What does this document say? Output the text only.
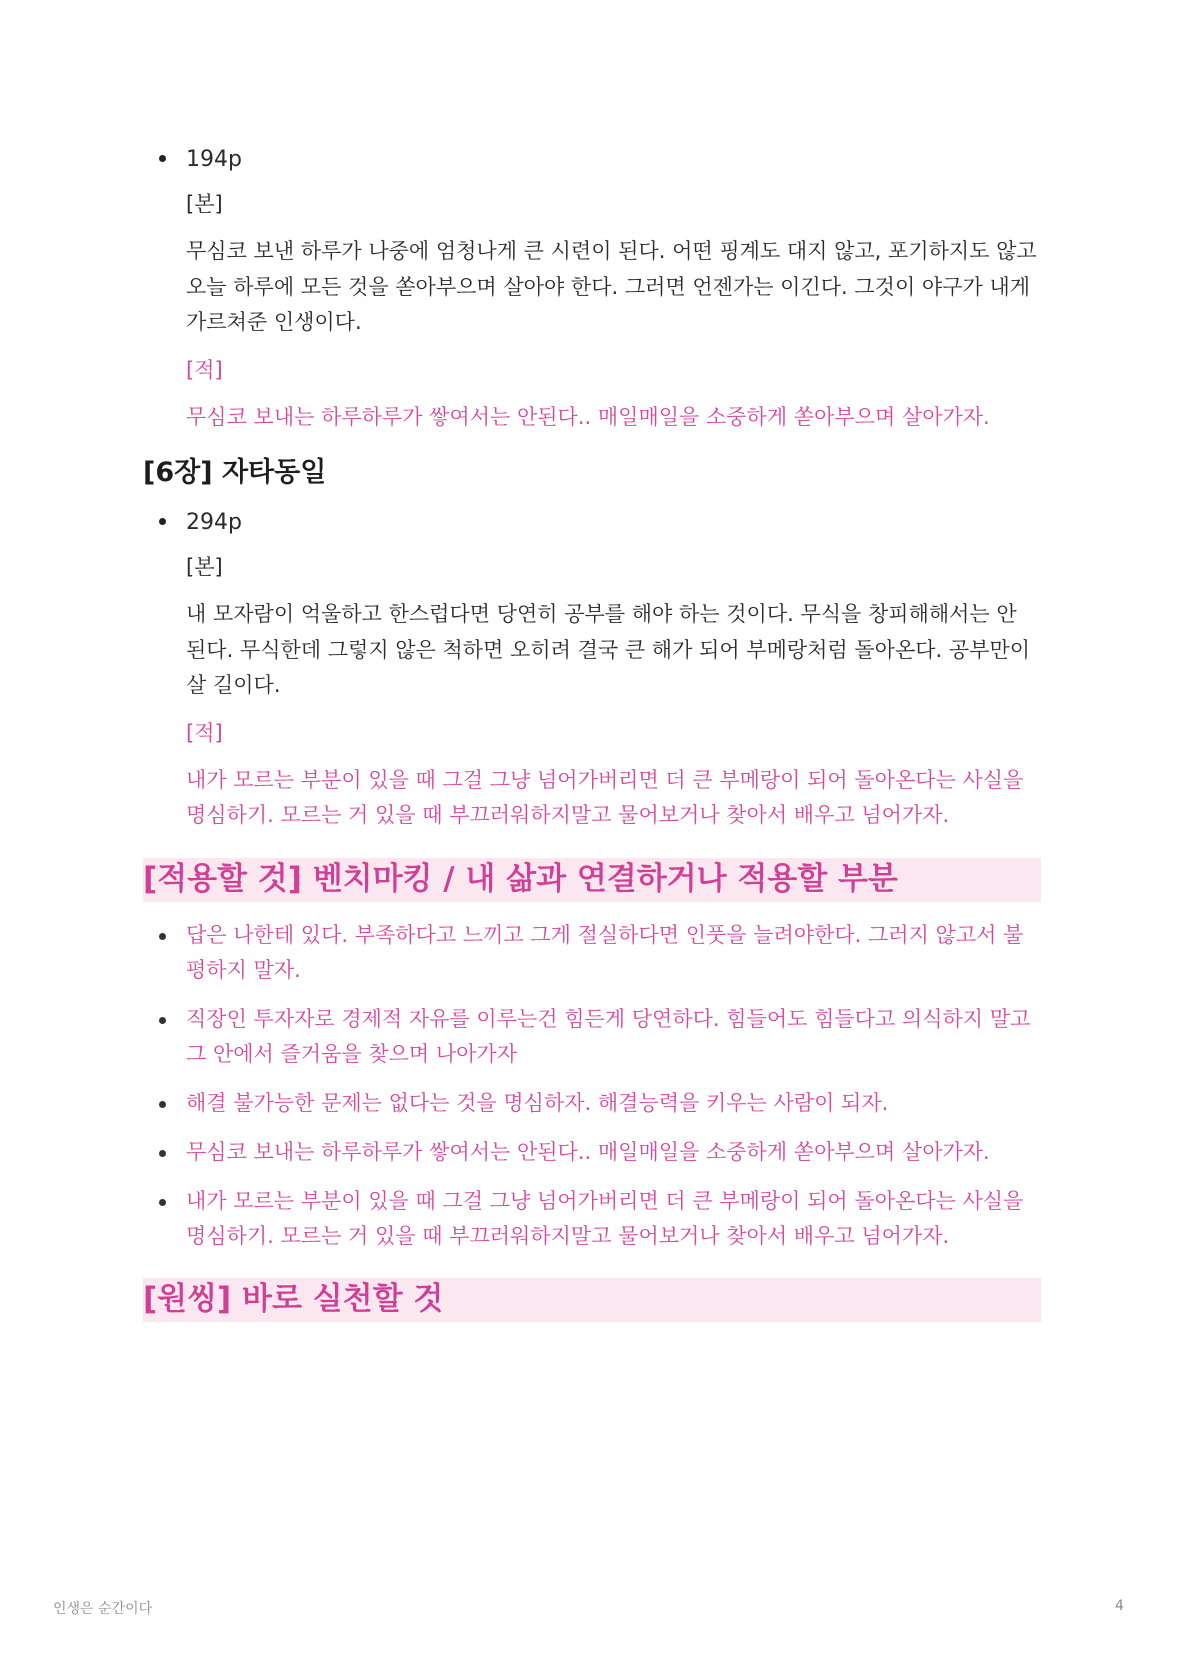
194p

[본]

무심코 보낸 하루가 나중에 엄청나게 큰 시련이 된다. 어떤 핑계도 대지 않고, 포기하지도 않고 오늘 하루에 모든 것을 쏟아부으며 살아야 한다. 그러면 언젠가는 이긴다. 그것이 야구가 내게 가르쳐준 인생이다.

[적]

무심코 보내는 하루하루가 쌓여서는 안된다.. 매일매일을 소중하게 쏟아부으며 살아가자.

[6장] 자타동일

294p

[본]

내 모자람이 억울하고 한스럽다면 당연히 공부를 해야 하는 것이다. 무식을 창피해해서는 안 된다. 무식한데 그렇지 않은 척하면 오히려 결국 큰 해가 되어 부메랑처럼 돌아온다. 공부만이 살 길이다.

[적]

내가 모르는 부분이 있을 때 그걸 그냥 넘어가버리면 더 큰 부메랑이 되어 돌아온다는 사실을 명심하기. 모르는 거 있을 때 부끄러워하지말고 물어보거나 찾아서 배우고 넘어가자.

[적용할 것] 벤치마킹 / 내 삶과 연결하거나 적용할 부분

답은 나한테 있다. 부족하다고 느끼고 그게 절실하다면 인풋을 늘려야한다. 그러지 않고서 불평하지 말자.

직장인 투자자로 경제적 자유를 이루는건 힘든게 당연하다. 힘들어도 힘들다고 의식하지 말고 그 안에서 즐거움을 찾으며 나아가자

해결 불가능한 문제는 없다는 것을 명심하자. 해결능력을 키우는 사람이 되자.

무심코 보내는 하루하루가 쌓여서는 안된다.. 매일매일을 소중하게 쏟아부으며 살아가자.

내가 모르는 부분이 있을 때 그걸 그냥 넘어가버리면 더 큰 부메랑이 되어 돌아온다는 사실을 명심하기. 모르는 거 있을 때 부끄러워하지말고 물어보거나 찾아서 배우고 넘어가자.

[원씽] 바로 실천할 것
인생은 순간이다	4
